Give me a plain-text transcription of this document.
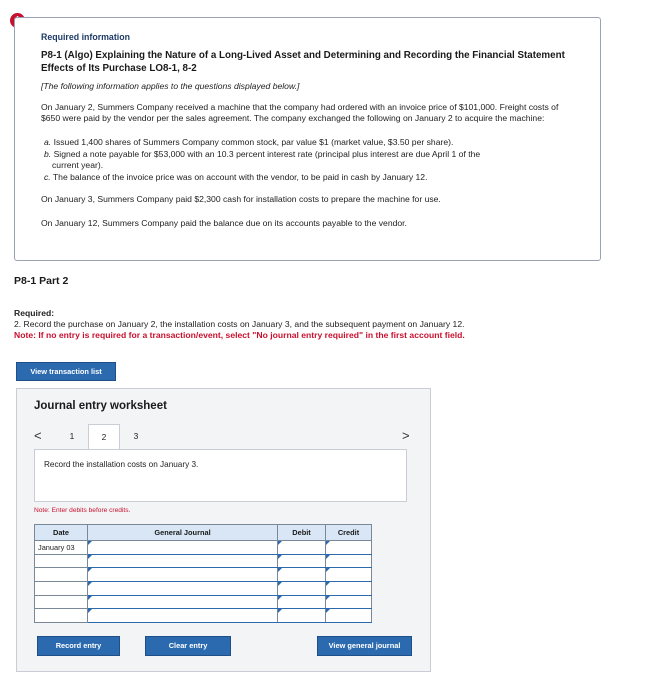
Required information
P8-1 (Algo) Explaining the Nature of a Long-Lived Asset and Determining and Recording the Financial Statement Effects of Its Purchase LO8-1, 8-2
[The following information applies to the questions displayed below.]
On January 2, Summers Company received a machine that the company had ordered with an invoice price of $101,000. Freight costs of $650 were paid by the vendor per the sales agreement. The company exchanged the following on January 2 to acquire the machine:
a. Issued 1,400 shares of Summers Company common stock, par value $1 (market value, $3.50 per share).
b. Signed a note payable for $53,000 with an 10.3 percent interest rate (principal plus interest are due April 1 of the
current year).
c. The balance of the invoice price was on account with the vendor, to be paid in cash by January 12.
On January 3, Summers Company paid $2,300 cash for installation costs to prepare the machine for use.
On January 12, Summers Company paid the balance due on its accounts payable to the vendor.
P8-1 Part 2
Required:
2. Record the purchase on January 2, the installation costs on January 3, and the subsequent payment on January 12.
Note: If no entry is required for a transaction/event, select "No journal entry required" in the first account field.
View transaction list
Journal entry worksheet
<	1	2	3	>
Record the installation costs on January 3.
Note: Enter debits before credits.
Date	General Journal	Debit	Credit
January 03			

Record entry	Clear entry	View general journal
